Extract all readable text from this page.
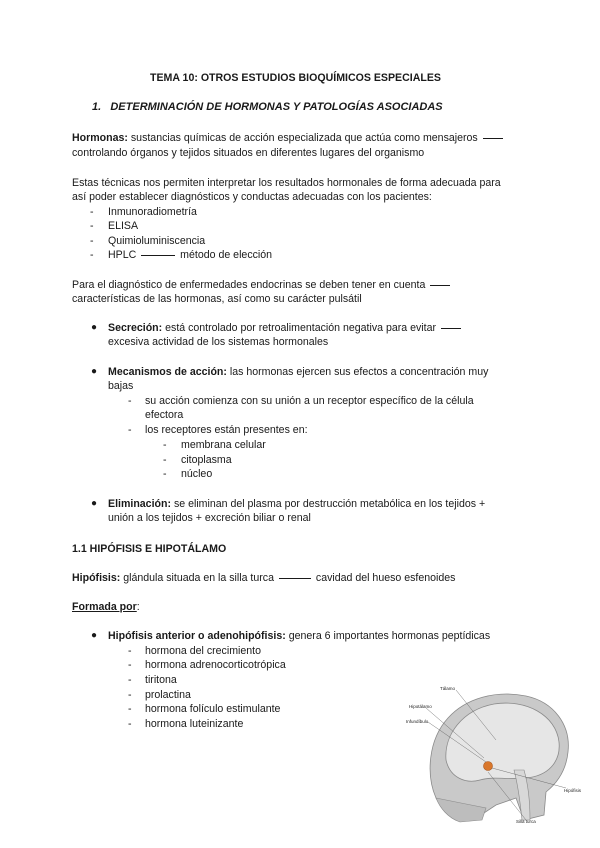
TEMA 10: OTROS ESTUDIOS BIOQUÍMICOS ESPECIALES
1. DETERMINACIÓN DE HORMONAS Y PATOLOGÍAS ASOCIADAS
Hormonas: sustancias químicas de acción especializada que actúa como mensajeros
controlando órganos y tejidos situados en diferentes lugares del organismo
Estas técnicas nos permiten interpretar los resultados hormonales de forma adecuada para
así poder establecer diagnósticos y conductas adecuadas con los pacientes:
- Inmunoradiometría
- ELISA
- Quimioluminiscencia
- HPLC	método de elección
Para el diagnóstico de enfermedades endocrinas se deben tener en cuenta
características de las hormonas, así como su carácter pulsátil
● Secreción: está controlado por retroalimentación negativa para evitar
excesiva actividad de los sistemas hormonales
● Mecanismos de acción: las hormonas ejercen sus efectos a concentración muy
bajas
- su acción comienza con su unión a un receptor específico de la célula
efectora
- los receptores están presentes en:
- membrana celular
- citoplasma
- núcleo
● Eliminación: se eliminan del plasma por destrucción metabólica en los tejidos +
unión a los tejidos + excreción biliar o renal
1.1 HIPÓFISIS E HIPOTÁLAMO
Hipófisis: glándula situada en la silla turca	cavidad del hueso esfenoides
Formada por:
● Hipófisis anterior o adenohipófisis: genera 6 importantes hormonas peptídicas
- hormona del crecimiento
- hormona adrenocorticotrópica
- tiritona
- prolactina
- hormona folículo estimulante
- hormona luteinizante
Tálamo
Hipotálamo
Infundíbulo
Hipófisis
Silla turca
